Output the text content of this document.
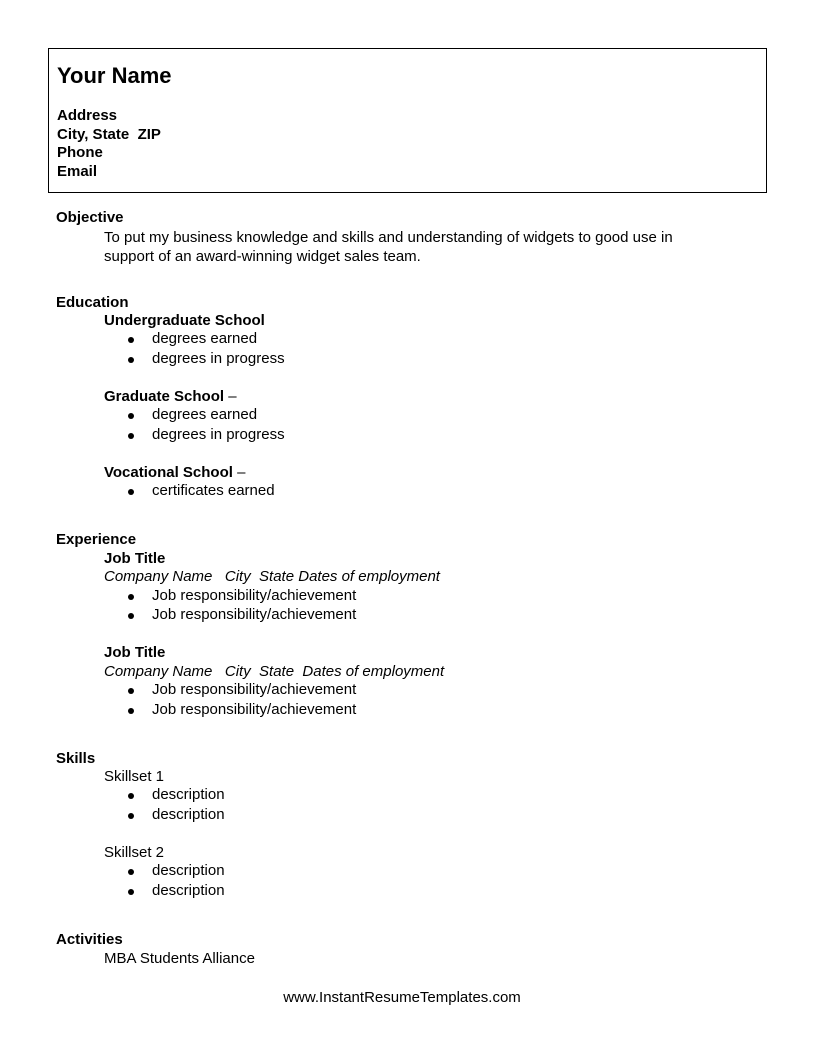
Your Name
Address
City, State  ZIP
Phone
Email
Objective
To put my business knowledge and skills and understanding of widgets to good use in support of an award-winning widget sales team.
Education
Undergraduate School
degrees earned
degrees in progress
Graduate School –
degrees earned
degrees in progress
Vocational School –
certificates earned
Experience
Job Title
Company Name   City  State Dates of employment
Job responsibility/achievement
Job responsibility/achievement
Job Title
Company Name   City  State  Dates of employment
Job responsibility/achievement
Job responsibility/achievement
Skills
Skillset 1
description
description
Skillset 2
description
description
Activities
MBA Students Alliance
www.InstantResumeTemplates.com
